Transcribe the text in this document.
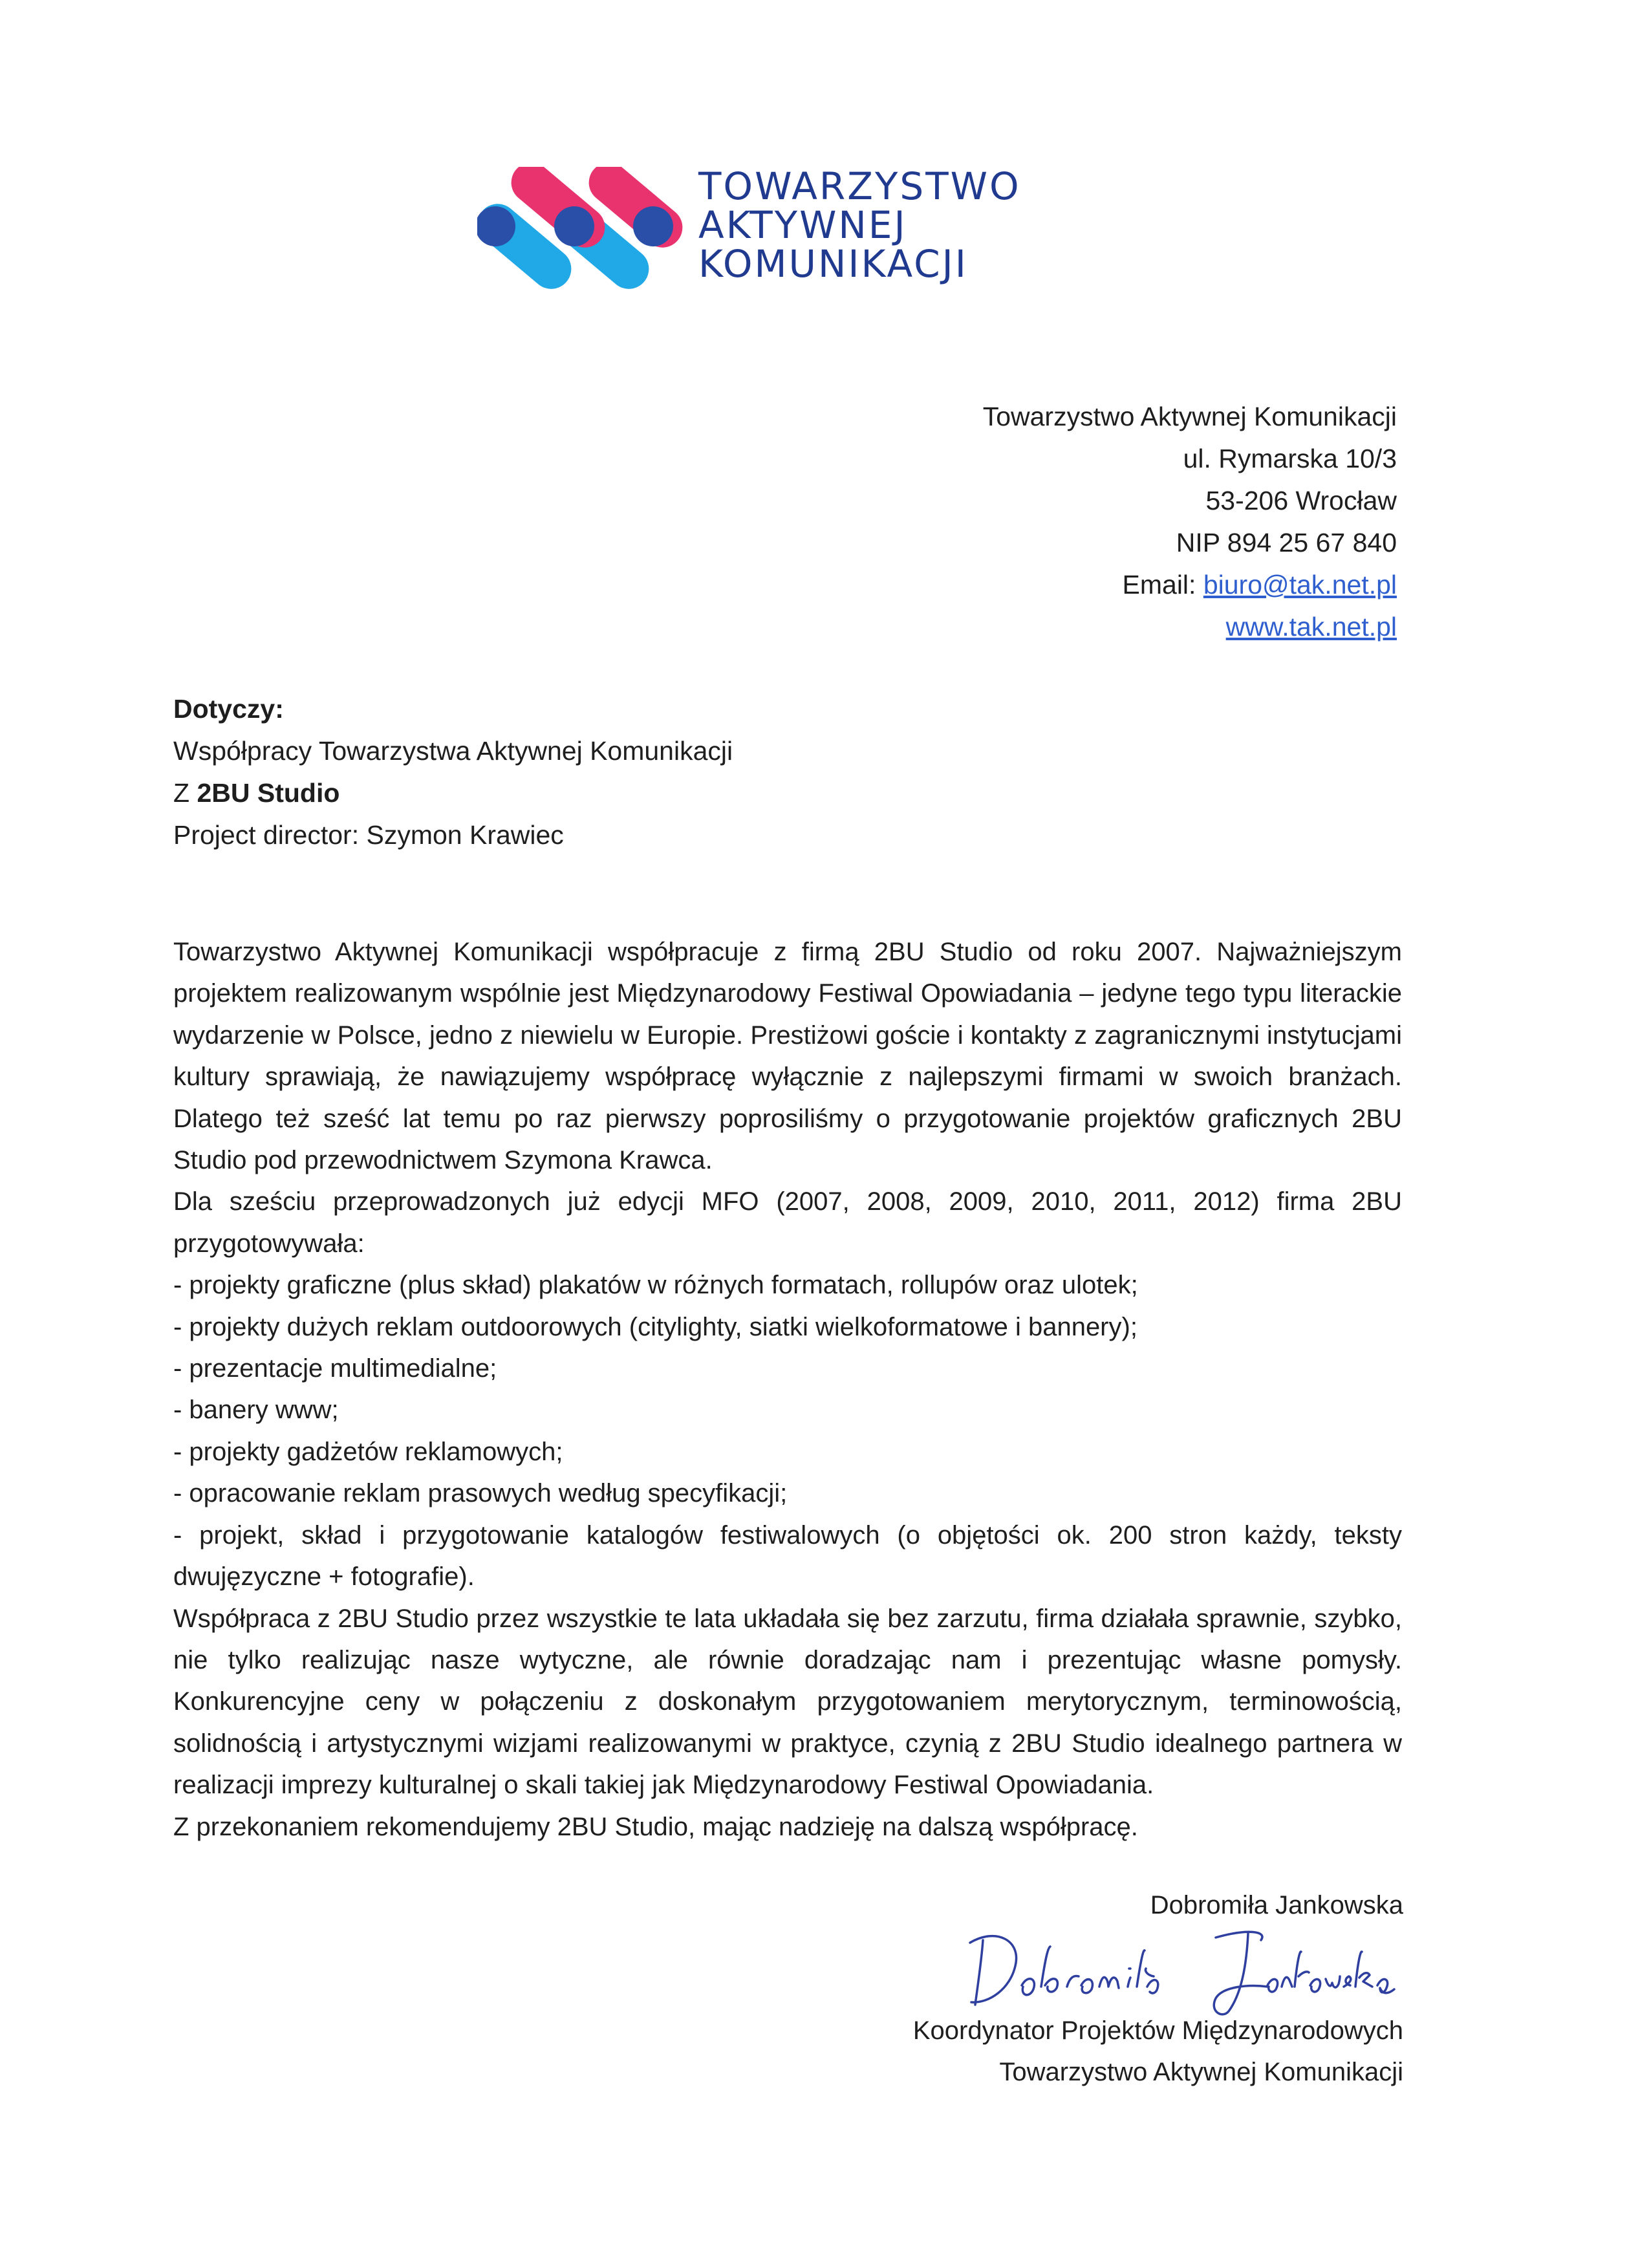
TOWARZYSTWO
AKTYWNEJ
KOMUNIKACJI
Towarzystwo Aktywnej Komunikacji
ul. Rymarska 10/3
53-206 Wrocław
NIP 894 25 67 840
Email: biuro@tak.net.pl
www.tak.net.pl
Dotyczy:
Współpracy Towarzystwa Aktywnej Komunikacji
Z 2BU Studio
Project director: Szymon Krawiec

Towarzystwo Aktywnej Komunikacji współpracuje z firmą 2BU Studio od roku 2007. Najważniejszym projektem realizowanym wspólnie jest Międzynarodowy Festiwal Opowiadania – jedyne tego typu literackie wydarzenie w Polsce, jedno z niewielu w Europie. Prestiżowi goście i kontakty z zagranicznymi instytucjami kultury sprawiają, że nawiązujemy współpracę wyłącznie z najlepszymi firmami w swoich branżach. Dlatego też sześć lat temu po raz pierwszy poprosiliśmy o przygotowanie projektów graficznych 2BU Studio pod przewodnictwem Szymona Krawca.

Dla sześciu przeprowadzonych już edycji MFO (2007, 2008, 2009, 2010, 2011, 2012) firma 2BU przygotowywała:

- projekty graficzne (plus skład) plakatów w różnych formatach, rollupów oraz ulotek;

- projekty dużych reklam outdoorowych (citylighty, siatki wielkoformatowe i bannery);

- prezentacje multimedialne;

- banery www;

- projekty gadżetów reklamowych;

- opracowanie reklam prasowych według specyfikacji;

- projekt, skład i przygotowanie katalogów festiwalowych (o objętości ok. 200 stron każdy, teksty dwujęzyczne + fotografie).

Współpraca z 2BU Studio przez wszystkie te lata układała się bez zarzutu, firma działała sprawnie, szybko, nie tylko realizując nasze wytyczne, ale równie doradzając nam i prezentując własne pomysły. Konkurencyjne ceny w połączeniu z doskonałym przygotowaniem merytorycznym, terminowością, solidnością i artystycznymi wizjami realizowanymi w praktyce, czynią z 2BU Studio idealnego partnera w realizacji imprezy kulturalnej o skali takiej jak Międzynarodowy Festiwal Opowiadania.

Z przekonaniem rekomendujemy 2BU Studio, mając nadzieję na dalszą współpracę.

Dobromiła Jankowska
Koordynator Projektów Międzynarodowych
Towarzystwo Aktywnej Komunikacji
